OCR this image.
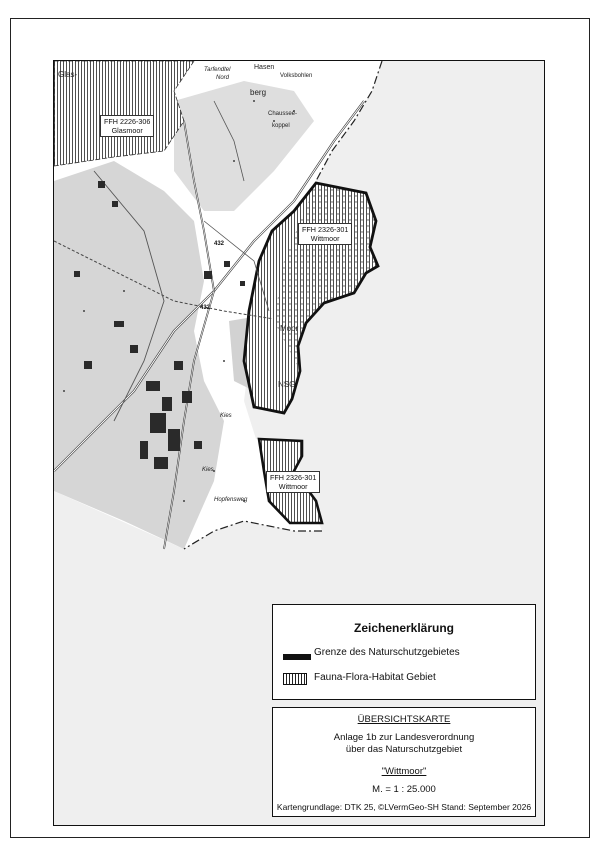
Glas-	Tarfendtel
Nord
Hasen
Volksbohlen
berg
Chaussee-
koppel
432
432
Kies
Kies
Hopfensweg
Moor
NSG
FFH 2226-306
Glasmoor
FFH 2326-301
Wittmoor
FFH 2326-301
Wittmoor
Zeichenerklärung
Grenze des Naturschutzgebietes
Fauna-Flora-Habitat Gebiet
ÜBERSICHTSKARTE
Anlage 1b zur Landesverordnung
über das Naturschutzgebiet
"Wittmoor"
M. = 1 : 25.000
Kartengrundlage: DTK 25, ©LVermGeo-SH Stand: September 2026
